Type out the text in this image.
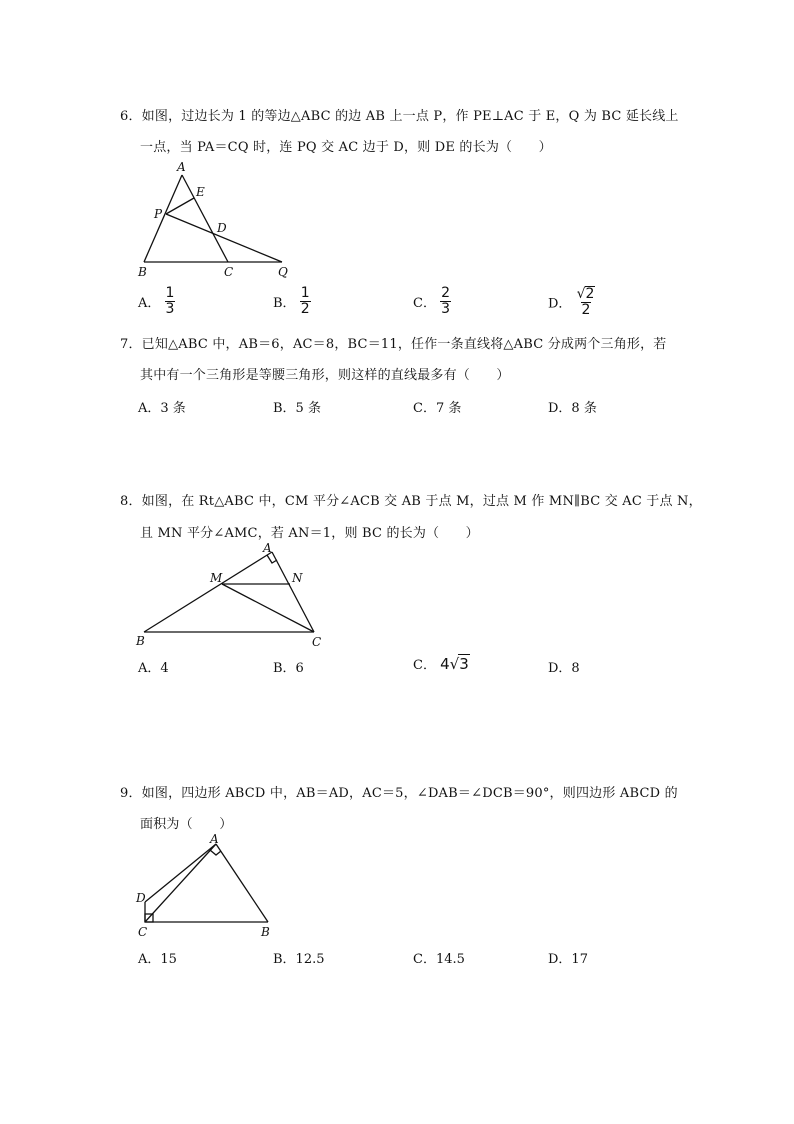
6．如图，过边长为 1 的等边△ABC 的边 AB 上一点 P，作 PE⊥AC 于 E，Q 为 BC 延长线上
一点，当 PA＝CQ 时，连 PQ 交 AC 边于 D，则 DE 的长为（　　）
A
E
P
D
B	C	Q
A． $\frac{1}{3}$	B． $\frac{1}{2}$	C． $\frac{2}{3}$	D． $\frac{√2}{2}$
7．已知△ABC 中，AB＝6，AC＝8，BC＝11，任作一条直线将△ABC 分成两个三角形，若
其中有一个三角形是等腰三角形，则这样的直线最多有（　　）
A．3 条	B．5 条	C．7 条	D．8 条
8．如图，在 Rt△ABC 中，CM 平分∠ACB 交 AB 于点 M，过点 M 作 MN∥BC 交 AC 于点 N，
且 MN 平分∠AMC，若 AN＝1，则 BC 的长为（　　）
A
M	N
B	C
A．4	B．6	C． 4√3	D．8
9．如图，四边形 ABCD 中，AB＝AD，AC＝5，∠DAB＝∠DCB＝90°，则四边形 ABCD 的
面积为（　　）
A
D
C	B
A．15	B．12.5	C．14.5	D．17
